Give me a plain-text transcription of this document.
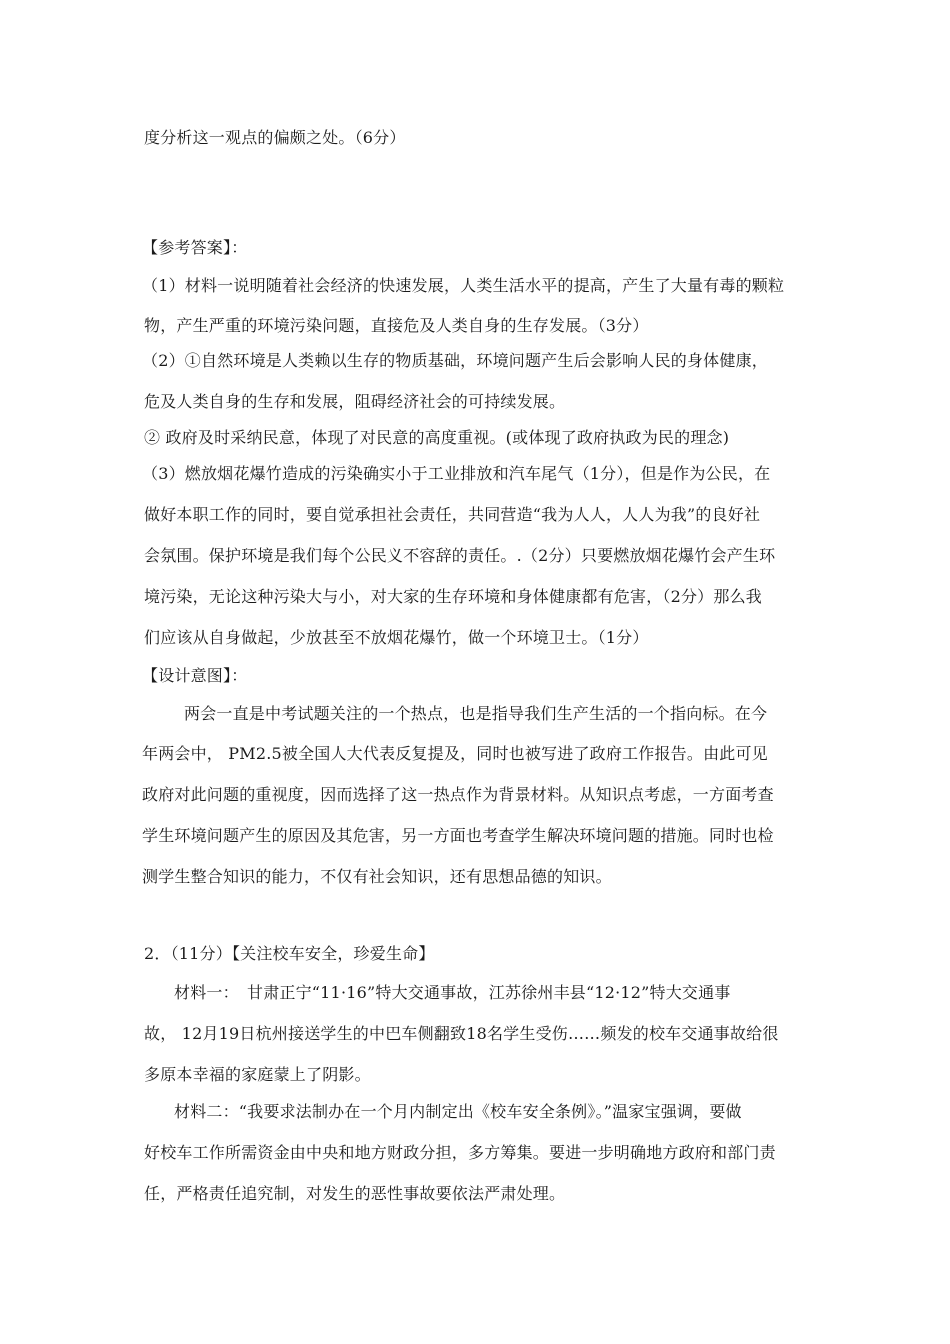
度分析这一观点的偏颇之处。（6分）
【参考答案】：
（1）材料一说明随着社会经济的快速发展，人类生活水平的提高，产生了大量有毒的颗粒
物，产生严重的环境污染问题，直接危及人类自身的生存发展。（3分）
（2）①自然环境是人类赖以生存的物质基础，环境问题产生后会影响人民的身体健康，
危及人类自身的生存和发展，阻碍经济社会的可持续发展。
② 政府及时采纳民意，体现了对民意的高度重视。(或体现了政府执政为民的理念)
（3）燃放烟花爆竹造成的污染确实小于工业排放和汽车尾气（1分），但是作为公民，在
做好本职工作的同时，要自觉承担社会责任，共同营造“我为人人，人人为我”的良好社
会氛围。保护环境是我们每个公民义不容辞的责任。.（2分）只要燃放烟花爆竹会产生环
境污染，无论这种污染大与小，对大家的生存环境和身体健康都有危害，（2分）那么我
们应该从自身做起，少放甚至不放烟花爆竹，做一个环境卫士。（1分）
【设计意图】：
两会一直是中考试题关注的一个热点，也是指导我们生产生活的一个指向标。在今
年两会中， PM2.5被全国人大代表反复提及，同时也被写进了政府工作报告。由此可见
政府对此问题的重视度，因而选择了这一热点作为背景材料。从知识点考虑，一方面考查
学生环境问题产生的原因及其危害，另一方面也考查学生解决环境问题的措施。同时也检
测学生整合知识的能力，不仅有社会知识，还有思想品德的知识。
2．（11分）【关注校车安全，珍爱生命】
材料一：　甘肃正宁“11·16”特大交通事故，江苏徐州丰县“12·12”特大交通事
故， 12月19日杭州接送学生的中巴车侧翻致18名学生受伤……频发的校车交通事故给很
多原本幸福的家庭蒙上了阴影。
材料二：“我要求法制办在一个月内制定出《校车安全条例》。”温家宝强调，要做
好校车工作所需资金由中央和地方财政分担，多方筹集。要进一步明确地方政府和部门责
任，严格责任追究制，对发生的恶性事故要依法严肃处理。
